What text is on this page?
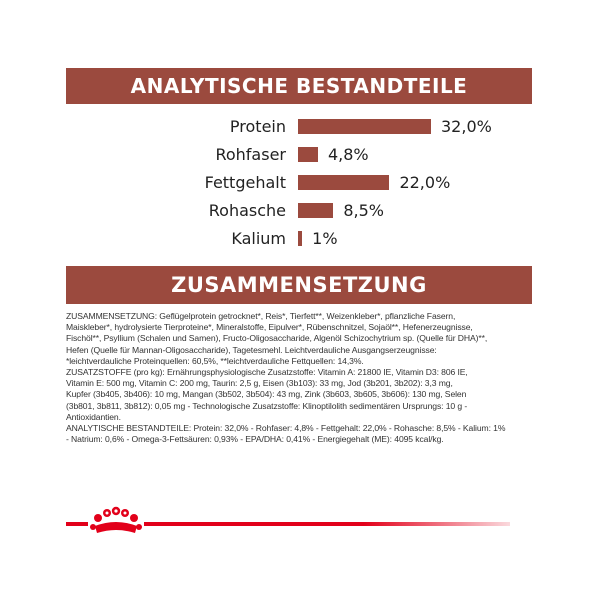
ANALYTISCHE BESTANDTEILE
Protein	32,0%
Rohfaser	4,8%
Fettgehalt	22,0%
Rohasche	8,5%
Kalium 1%
ZUSAMMENSETZUNG

ZUSAMMENSETZUNG: Geflügelprotein getrocknet*, Reis*, Tierfett**, Weizenkleber*, pflanzliche Fasern,

Maiskleber*, hydrolysierte Tierproteine*, Mineralstoffe, Eipulver*, Rübenschnitzel, Sojaöl**, Hefenerzeugnisse,

Fischöl**, Psyllium (Schalen und Samen), Fructo-Oligosaccharide, Algenöl Schizochytrium sp. (Quelle für DHA)**,

Hefen (Quelle für Mannan-Oligosaccharide), Tagetesmehl. Leichtverdauliche Ausgangserzeugnisse:

*leichtverdauliche Proteinquellen: 60,5%, **leichtverdauliche Fettquellen: 14,3%.

ZUSATZSTOFFE (pro kg): Ernährungsphysiologische Zusatzstoffe: Vitamin A: 21800 IE, Vitamin D3: 806 IE,

Vitamin E: 500 mg, Vitamin C: 200 mg, Taurin: 2,5 g, Eisen (3b103): 33 mg, Jod (3b201, 3b202): 3,3 mg,

Kupfer (3b405, 3b406): 10 mg, Mangan (3b502, 3b504): 43 mg, Zink (3b603, 3b605, 3b606): 130 mg, Selen

(3b801, 3b811, 3b812): 0,05 mg - Technologische Zusatzstoffe: Klinoptilolith sedimentären Ursprungs: 10 g -

Antioxidantien.

ANALYTISCHE BESTANDTEILE: Protein: 32,0% - Rohfaser: 4,8% - Fettgehalt: 22,0% - Rohasche: 8,5% - Kalium: 1%

- Natrium: 0,6% - Omega-3-Fettsäuren: 0,93% - EPA/DHA: 0,41% - Energiegehalt (ME): 4095 kcal/kg.
